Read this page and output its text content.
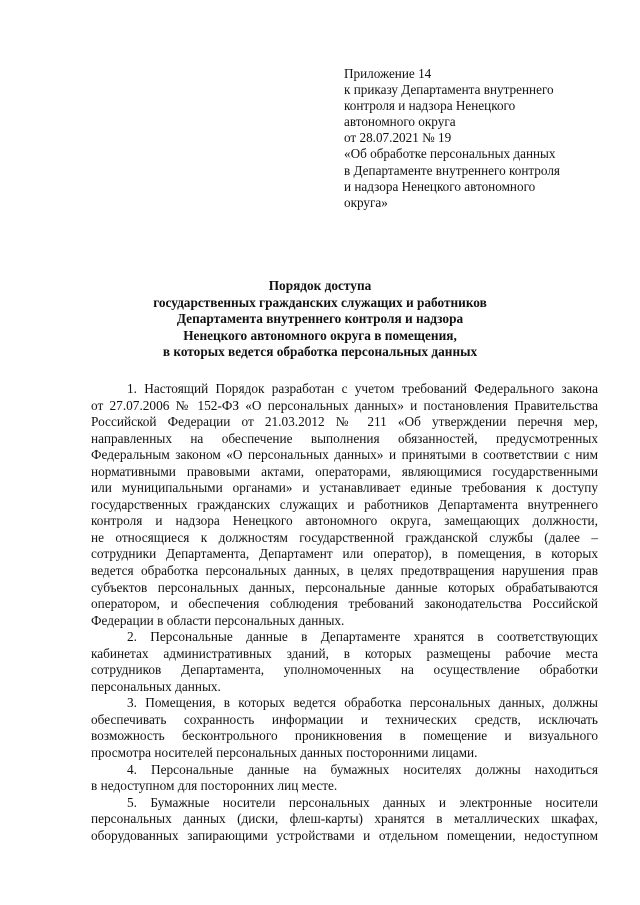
Приложение 14
к приказу Департамента внутреннего
контроля и надзора Ненецкого
автономного округа
от 28.07.2021 № 19
«Об обработке персональных данных
в Департаменте внутреннего контроля
и надзора Ненецкого автономного
округа»
Порядок доступа
государственных гражданских служащих и работников
Департамента внутреннего контроля и надзора
Ненецкого автономного округа в помещения,
в которых ведется обработка персональных данных
1. Настоящий Порядок разработан с учетом требований Федерального закона
от 27.07.2006 № 152-ФЗ «О персональных данных» и постановления Правительства
Российской Федерации от 21.03.2012 № 211 «Об утверждении перечня мер,
направленных на обеспечение выполнения обязанностей, предусмотренных
Федеральным законом «О персональных данных» и принятыми в соответствии с ним
нормативными правовыми актами, операторами, являющимися государственными
или муниципальными органами» и устанавливает единые требования к доступу
государственных гражданских служащих и работников Департамента внутреннего
контроля и надзора Ненецкого автономного округа, замещающих должности,
не относящиеся к должностям государственной гражданской службы (далее –
сотрудники Департамента, Департамент или оператор), в помещения, в которых
ведется обработка персональных данных, в целях предотвращения нарушения прав
субъектов персональных данных, персональные данные которых обрабатываются
оператором, и обеспечения соблюдения требований законодательства Российской
Федерации в области персональных данных.
2. Персональные данные в Департаменте хранятся в соответствующих
кабинетах административных зданий, в которых размещены рабочие места
сотрудников Департамента, уполномоченных на осуществление обработки
персональных данных.
3. Помещения, в которых ведется обработка персональных данных, должны
обеспечивать сохранность информации и технических средств, исключать
возможность бесконтрольного проникновения в помещение и визуального
просмотра носителей персональных данных посторонними лицами.
4. Персональные данные на бумажных носителях должны находиться
в недоступном для посторонних лиц месте.
5. Бумажные носители персональных данных и электронные носители
персональных данных (диски, флеш-карты) хранятся в металлических шкафах,
оборудованных запирающими устройствами и отдельном помещении, недоступном
